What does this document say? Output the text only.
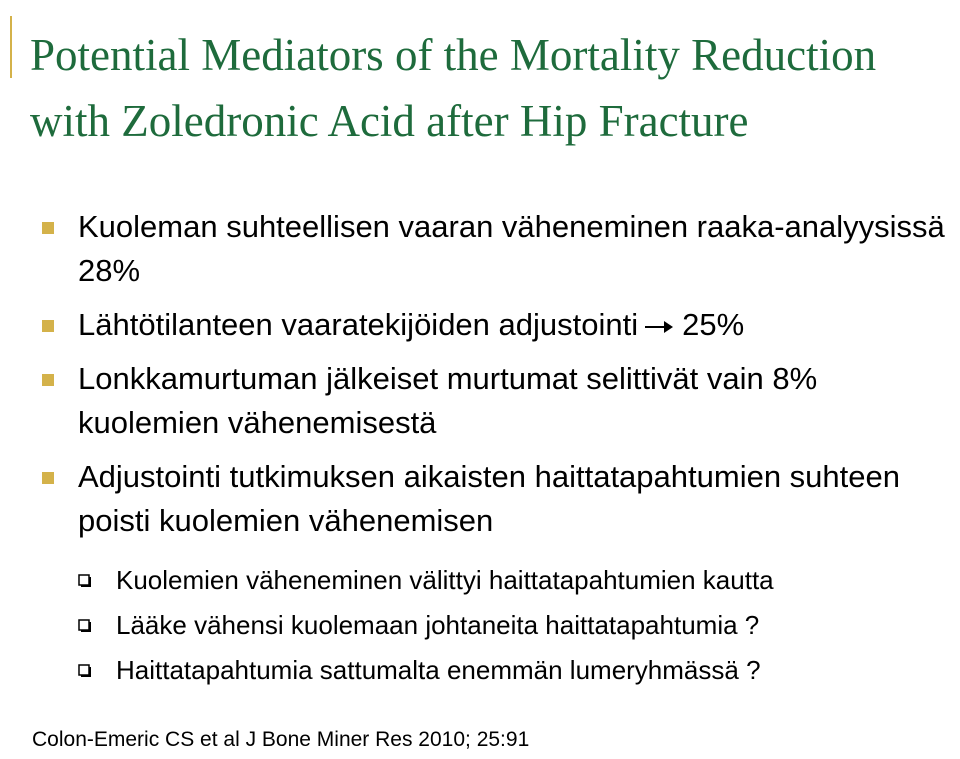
Potential Mediators of the Mortality Reduction with Zoledronic Acid after Hip Fracture
Kuoleman suhteellisen vaaran väheneminen raaka-analyysissä 28%
Lähtötilanteen vaaratekijöiden adjustointi 25%
Lonkkamurtuman jälkeiset murtumat selittivät vain 8% kuolemien vähenemisestä
Adjustointi tutkimuksen aikaisten haittatapahtumien suhteen poisti kuolemien vähenemisen
Kuolemien väheneminen välittyi haittatapahtumien kautta
Lääke vähensi kuolemaan johtaneita haittatapahtumia ?
Haittatapahtumia sattumalta enemmän lumeryhmässä ?

Colon-Emeric CS et al J Bone Miner Res 2010; 25:91
